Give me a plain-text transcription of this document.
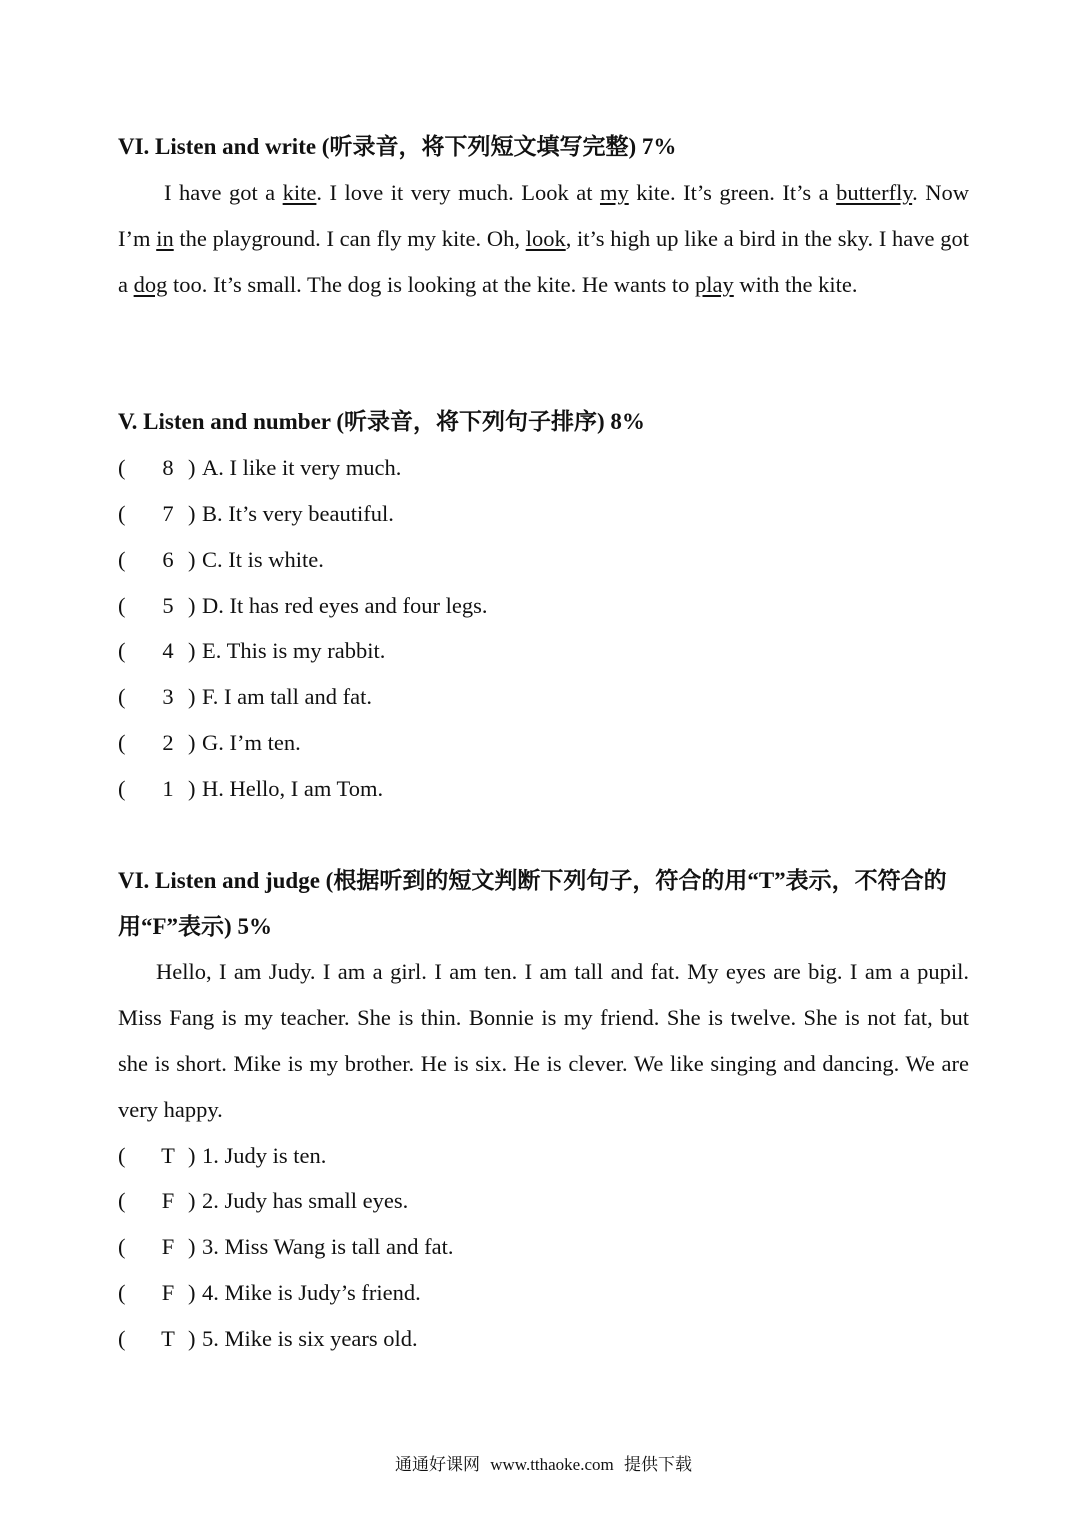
VI. Listen and write (听录音，将下列短文填写完整) 7%
I have got a kite. I love it very much. Look at my kite. It’s green. It’s a butterfly. Now I’m in the playground. I can fly my kite. Oh, look, it’s high up like a bird in the sky. I have got a dog too. It’s small. The dog is looking at the kite. He wants to play with the kite.
V. Listen and number (听录音，将下列句子排序) 8%
( 8 ) A. I like it very much.
( 7 ) B. It’s very beautiful.
( 6 ) C. It is white.
( 5 ) D. It has red eyes and four legs.
( 4 ) E. This is my rabbit.
( 3 ) F. I am tall and fat.
( 2 ) G. I’m ten.
( 1 ) H. Hello, I am Tom.
VI. Listen and judge (根据听到的短文判断下列句子，符合的用“T”表示，不符合的用“F”表示) 5%
Hello, I am Judy. I am a girl. I am ten. I am tall and fat. My eyes are big. I am a pupil. Miss Fang is my teacher. She is thin. Bonnie is my friend. She is twelve. She is not fat, but she is short. Mike is my brother. He is six. He is clever. We like singing and dancing. We are very happy.
( T ) 1. Judy is ten.
( F ) 2. Judy has small eyes.
( F ) 3. Miss Wang is tall and fat.
( F ) 4. Mike is Judy’s friend.
( T ) 5. Mike is six years old.
通通好课网 www.tthaoke.com 提供下载
